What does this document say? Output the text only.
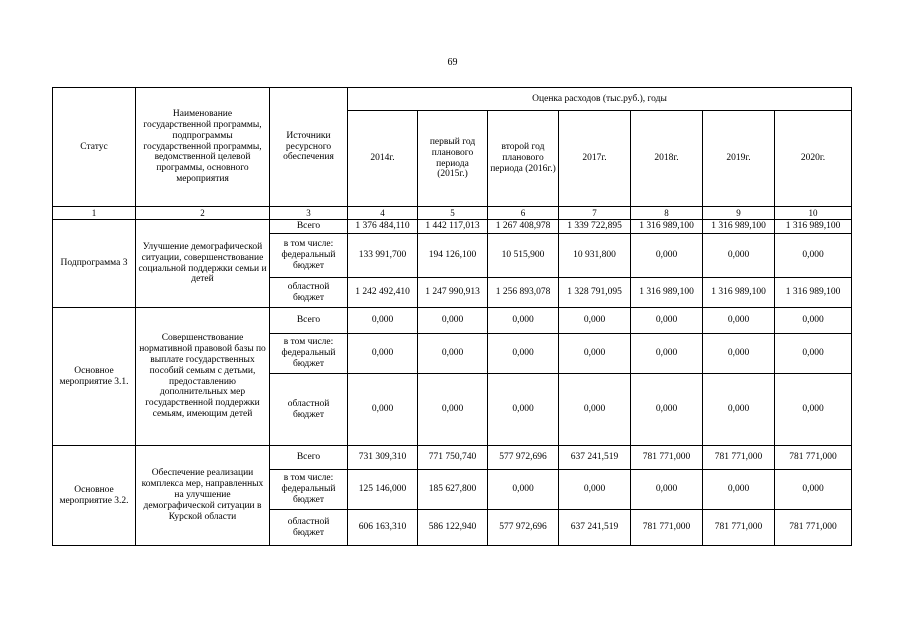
69
Статус	Наименование государственной программы, подпрограммы государственной программы, ведомственной целевой программы, основного мероприятия	Источники ресурсного обеспечения	Оценка расходов (тыс.руб.), годы						
			2014г.	первый год планового периода (2015г.)	второй год планового периода (2016г.)	2017г.	2018г.	2019г.	2020г.
1	2	3	4	5	6	7	8	9	10
Подпрограмма 3	Улучшение демографической ситуации, совершенствование социальной поддержки семьи и детей	Всего	1 376 484,110	1 442 117,013	1 267 408,978	1 339 722,895	1 316 989,100	1 316 989,100	1 316 989,100
		в том числе: федеральный бюджет	133 991,700	194 126,100	10 515,900	10 931,800	0,000	0,000	0,000
		областной бюджет	1 242 492,410	1 247 990,913	1 256 893,078	1 328 791,095	1 316 989,100	1 316 989,100	1 316 989,100
Основное мероприятие 3.1.	Совершенствование нормативной правовой базы по выплате государственных пособий семьям с детьми, предоставлению дополнительных мер государственной поддержки семьям, имеющим детей	Всего	0,000	0,000	0,000	0,000	0,000	0,000	0,000
		в том числе: федеральный бюджет	0,000	0,000	0,000	0,000	0,000	0,000	0,000
		областной бюджет	0,000	0,000	0,000	0,000	0,000	0,000	0,000
Основное мероприятие 3.2.	Обеспечение реализации комплекса мер, направленных на улучшение демографической ситуации в Курской области	Всего	731 309,310	771 750,740	577 972,696	637 241,519	781 771,000	781 771,000	781 771,000
		в том числе: федеральный бюджет	125 146,000	185 627,800	0,000	0,000	0,000	0,000	0,000
		областной бюджет	606 163,310	586 122,940	577 972,696	637 241,519	781 771,000	781 771,000	781 771,000
